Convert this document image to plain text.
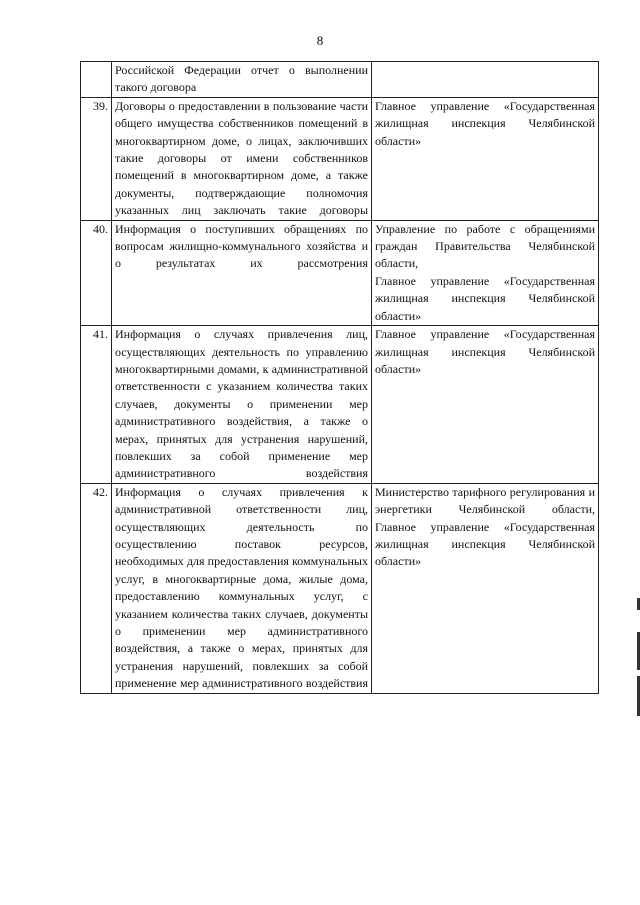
8
	Российской Федерации отчет о выполнении такого договора	
39.	Договоры о предоставлении в пользование части общего имущества собственников помещений в многоквартирном доме, о лицах, заключивших такие договоры от имени собственников помещений в многоквартирном доме, а также документы, подтверждающие полномочия указанных лиц заключать такие договоры	Главное управление «Государственная жилищная инспекция Челябинской области»

40.	Информация о поступивших обращениях по вопросам жилищно-коммунального хозяйства и о результатах их рассмотрения	Управление по работе с обращениями граждан Правительства Челябинской области,
Главное управление «Государственная жилищная инспекция Челябинской области»

41.	Информация о случаях привлечения лиц, осуществляющих деятельность по управлению многоквартирными домами, к административной ответственности с указанием количества таких случаев, документы о применении мер административного воздействия, а также о мерах, принятых для устранения нарушений, повлекших за собой применение мер административного воздействия	Главное управление «Государственная жилищная инспекция Челябинской области»

42.	Информация о случаях привлечения к административной ответственности лиц, осуществляющих деятельность по осуществлению поставок ресурсов, необходимых для предоставления коммунальных услуг, в многоквартирные дома, жилые дома, предоставлению коммунальных услуг, с указанием количества таких случаев, документы о применении мер административного воздействия, а также о мерах, принятых для устранения нарушений, повлекших за собой применение мер административного воздействия	Министерство тарифного регулирования и энергетики Челябинской области,
Главное управление «Государственная жилищная инспекция Челябинской области»
